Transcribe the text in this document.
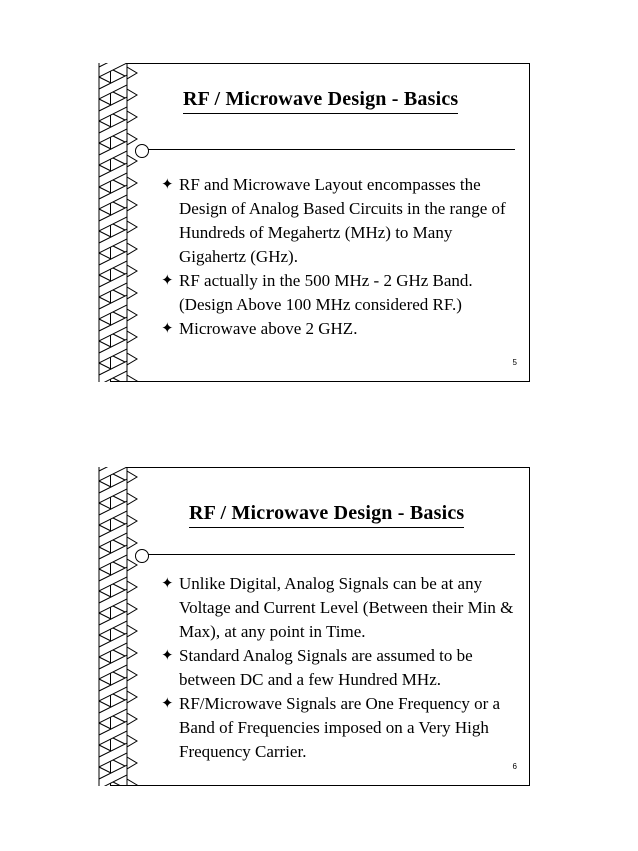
RF / Microwave Design - Basics
✦ RF and Microwave Layout encompasses the Design of Analog Based Circuits in the range of Hundreds of Megahertz (MHz) to Many Gigahertz (GHz).
✦ RF actually in the 500 MHz - 2 GHz Band. (Design Above 100 MHz considered RF.)
✦ Microwave above 2 GHZ.
5
RF / Microwave Design - Basics
✦ Unlike Digital, Analog Signals can be at any Voltage and Current Level (Between their Min & Max), at any point in Time.
✦ Standard Analog Signals are assumed to be between DC and a few Hundred MHz.
✦ RF/Microwave Signals are One Frequency or a Band of Frequencies imposed on a Very High Frequency Carrier.
6
